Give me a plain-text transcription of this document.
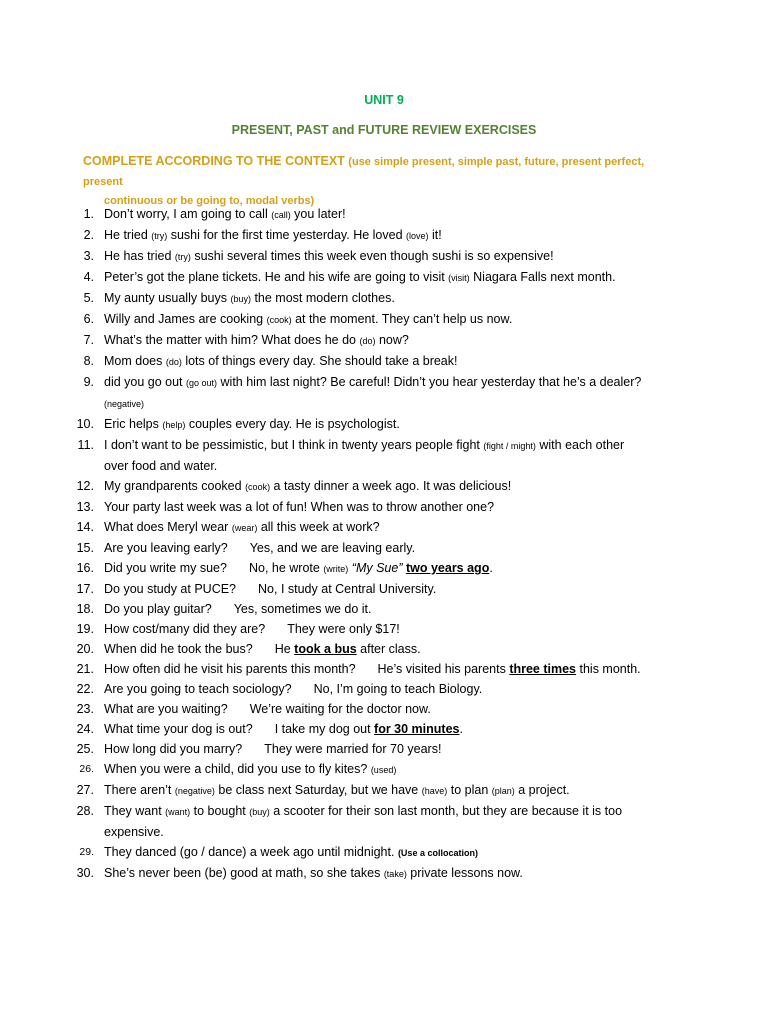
UNIT 9
PRESENT, PAST and FUTURE REVIEW EXERCISES
COMPLETE ACCORDING TO THE CONTEXT (use simple present, simple past, future, present perfect, present
continuous or be going to, modal verbs)
1. Don’t worry, I am going to call (call) you later!
2. He tried (try) sushi for the first time yesterday. He loved (love) it!
3. He has tried (try) sushi several times this week even though sushi is so expensive!
4. Peter’s got the plane tickets. He and his wife are going to visit (visit) Niagara Falls next month.
5. My aunty usually buys (buy) the most modern clothes.
6. Willy and James are cooking (cook) at the moment. They can’t help us now.
7. What’s the matter with him? What does he do (do) now?
8. Mom does (do) lots of things every day. She should take a break!
9. did you go out (go out) with him last night? Be careful! Didn’t you hear yesterday that he’s a dealer?
(negative)
10. Eric helps (help) couples every day. He is psychologist.
11. I don’t want to be pessimistic, but I think in twenty years people fight (fight / might) with each other
over food and water.
12. My grandparents cooked (cook) a tasty dinner a week ago. It was delicious!
13. Your party last week was a lot of fun! When was to throw another one?
14. What does Meryl wear (wear) all this week at work?
15. Are you leaving early? Yes, and we are leaving early.
16. Did you write my sue? No, he wrote (write) “My Sue” two years ago.
17. Do you study at PUCE? No, I study at Central University.
18. Do you play guitar? Yes, sometimes we do it.
19. How cost/many did they are? They were only $17!
20. When did he took the bus? He took a bus after class.
21. How often did he visit his parents this month? He’s visited his parents three times this month.
22. Are you going to teach sociology? No, I’m going to teach Biology.
23. What are you waiting? We’re waiting for the doctor now.
24. What time your dog is out? I take my dog out for 30 minutes.
25. How long did you marry? They were married for 70 years!
26. When you were a child, did you use to fly kites? (used)
27. There aren’t (negative) be class next Saturday, but we have (have) to plan (plan) a project.
28. They want (want) to bought (buy) a scooter for their son last month, but they are because it is too
expensive.
29. They danced (go / dance) a week ago until midnight. (Use a collocation)
30. She’s never been (be) good at math, so she takes (take) private lessons now.
